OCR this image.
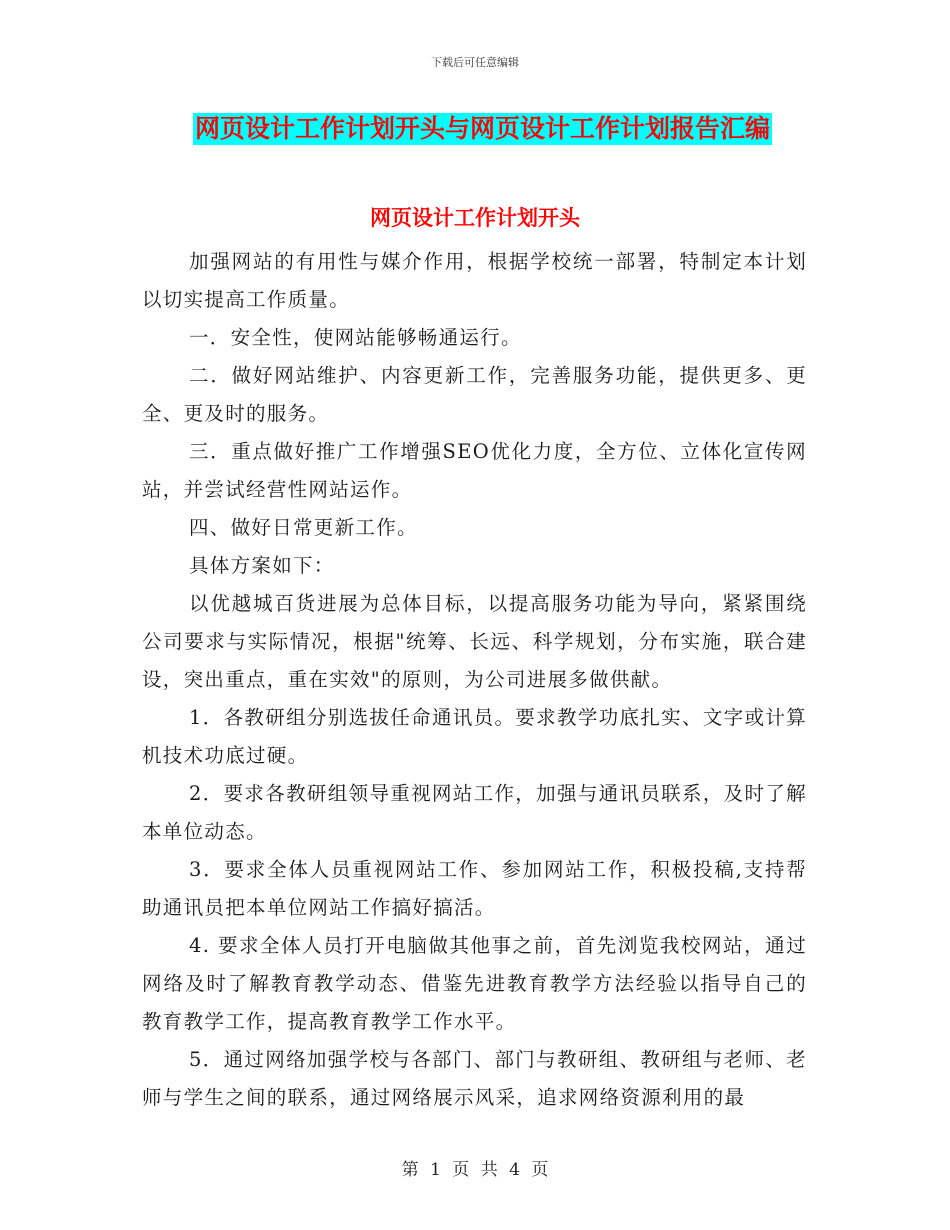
下载后可任意编辑
网页设计工作计划开头与网页设计工作计划报告汇编
网页设计工作计划开头

加强网站的有用性与媒介作用，根据学校统一部署，特制定本计划以切实提高工作质量。

一．安全性，使网站能够畅通运行。

二．做好网站维护、内容更新工作，完善服务功能，提供更多、更全、更及时的服务。

三．重点做好推广工作增强SEO优化力度，全方位、立体化宣传网站，并尝试经营性网站运作。

四、做好日常更新工作。

具体方案如下：

以优越城百货进展为总体目标，以提高服务功能为导向，紧紧围绕公司要求与实际情况，根据"统筹、长远、科学规划，分布实施，联合建设，突出重点，重在实效"的原则，为公司进展多做供献。

1．各教研组分别选拔任命通讯员。要求教学功底扎实、文字或计算机技术功底过硬。

2．要求各教研组领导重视网站工作，加强与通讯员联系，及时了解本单位动态。

3．要求全体人员重视网站工作、参加网站工作，积极投稿,支持帮助通讯员把本单位网站工作搞好搞活。

4. 要求全体人员打开电脑做其他事之前，首先浏览我校网站，通过网络及时了解教育教学动态、借鉴先进教育教学方法经验以指导自己的教育教学工作，提高教育教学工作水平。

5．通过网络加强学校与各部门、部门与教研组、教研组与老师、老师与学生之间的联系，通过网络展示风采，追求网络资源利用的最

第 1 页 共 4 页
